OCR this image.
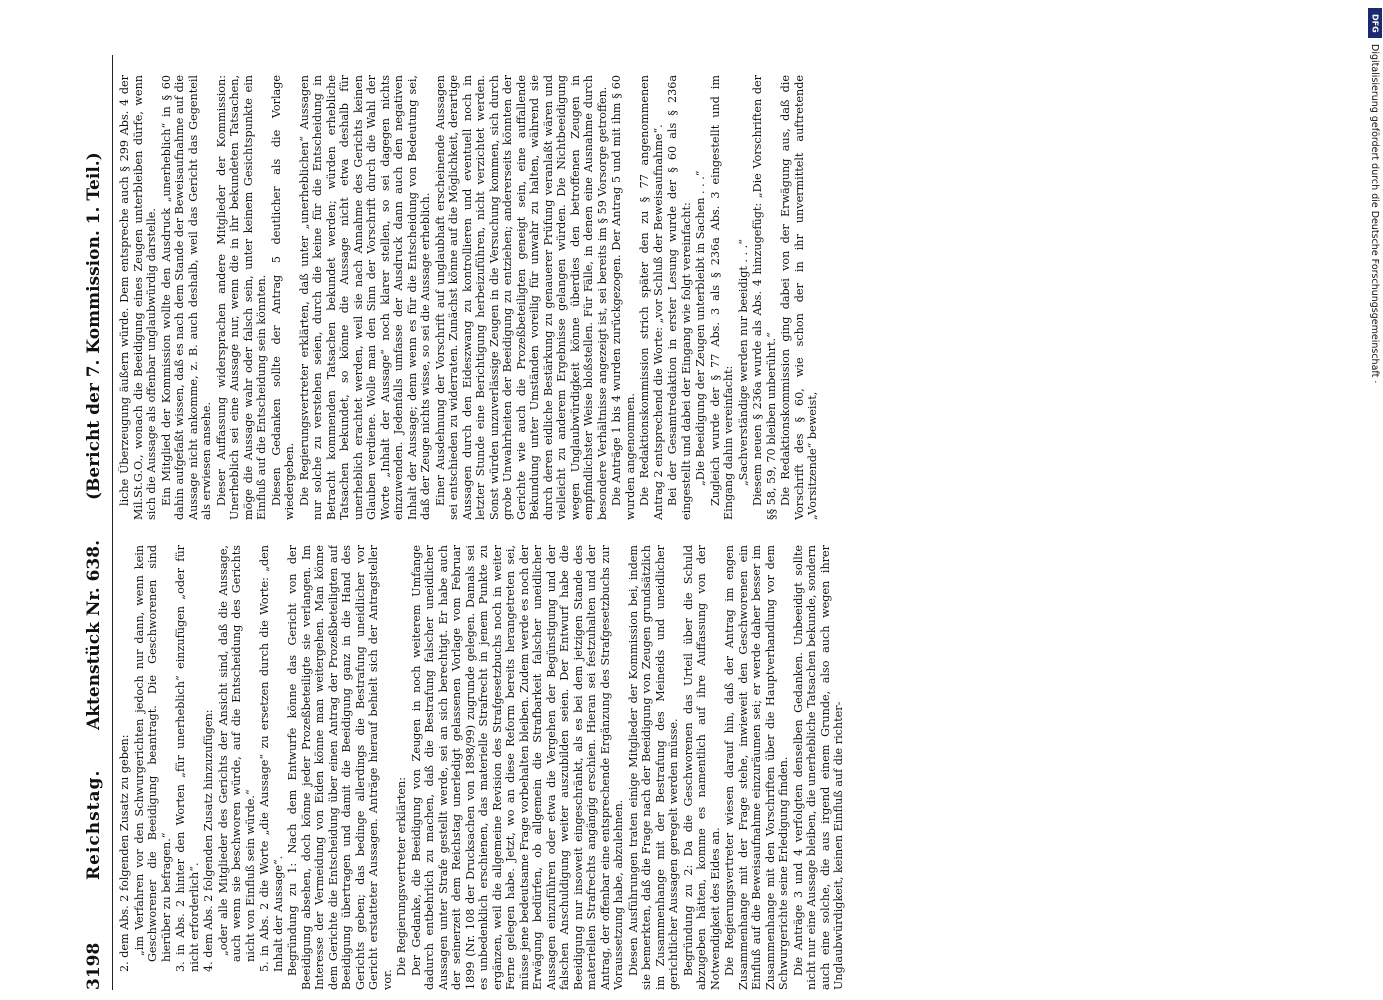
3198
Reichstag.
Aktenstück Nr. 638.
(Bericht der 7. Kommission. 1. Teil.)

2. dem Abs. 2 folgenden Zusatz zu geben: „im Verfahren vor den Schwurgerichten jedoch nur dann, wenn kein Geschworener die Beeidigung beantragt. Die Geschworenen sind hierüber zu befragen.“ 3. in Abs. 2 hinter den Worten „für unerheblich“ einzufügen „oder für nicht erforderlich“. 4. dem Abs. 2 folgenden Zusatz hinzuzufügen: „oder alle Mitglieder des Gerichts der Ansicht sind, daß die Aussage, auch wenn sie beschworen würde, auf die Entscheidung des Gerichts nicht von Einfluß sein würde.“ 5. in Abs. 2 die Worte „die Aussage“ zu ersetzen durch die Worte: „den Inhalt der Aussage“. Begründung zu 1: Nach dem Entwurfe könne das Gericht von der Beeidigung absehen, doch könne jeder Prozeßbeteiligte sie verlangen. Im Interesse der Vermeidung von Eiden könne man weitergehen. Man könne dem Gerichte die Entscheidung über einen Antrag der Prozeßbeteiligten auf Beeidigung übertragen und damit die Beeidigung ganz in die Hand des Gerichts geben; das bedinge allerdings die Bestrafung uneidlicher vor Gericht erstatteter Aussagen. Anträge hierauf behielt sich der Antragsteller vor.

Die Regierungsvertreter erklärten: Der Gedanke, die Beeidigung von Zeugen in noch weiterem Umfange dadurch entbehrlich zu machen, daß die Bestrafung falscher uneidlicher Aussagen unter Strafe gestellt werde, sei an sich berechtigt. Er habe auch der seinerzeit dem Reichstag unerledigt gelassenen Vorlage vom Februar 1899 (Nr. 108 der Drucksachen von 1898/99) zugrunde gelegen. Damals sei es unbedenklich erschienen, das materielle Strafrecht in jenem Punkte zu ergänzen, weil die allgemeine Revision des Strafgesetzbuchs noch in weiter Ferne gelegen habe. Jetzt, wo an diese Reform bereits herangetreten sei, müsse jene bedeutsame Frage vorbehalten bleiben. Zudem werde es noch der Erwägung bedürfen, ob allgemein die Strafbarkeit falscher uneidlicher Aussagen einzuführen oder etwa die Vergehen der Begünstigung und der falschen Anschuldigung weiter auszubilden seien. Der Entwurf habe die Beeidigung nur insoweit eingeschränkt, als es bei dem jetzigen Stande des materiellen Strafrechts angängig erschien. Hieran sei festzuhalten und der Antrag, der offenbar eine entsprechende Ergänzung des Strafgesetzbuchs zur Voraussetzung habe, abzulehnen. Diesen Ausführungen traten einige Mitglieder der Kommission bei, indem sie bemerkten, daß die Frage nach der Beeidigung von Zeugen grundsätzlich im Zusammenhange mit der Bestrafung des Meineids und uneidlicher gerichtlicher Aussagen geregelt werden müsse. Begründung zu 2: Da die Geschworenen das Urteil über die Schuld abzugeben hätten, komme es namentlich auf ihre Auffassung von der Notwendigkeit des Eides an. Die Regierungsvertreter wiesen darauf hin, daß der Antrag im engen Zusammenhange mit der Frage stehe, inwieweit den Geschworenen ein Einfluß auf die Beweisaufnahme einzuräumen sei; er werde daher besser im Zusammenhange mit den Vorschriften über die Hauptverhandlung vor dem Schwurgerichte seine Erledigung finden. Die Anträge 3 und 4 verfolgten denselben Gedanken. Unbeeidigt sollte nicht nur eine Aussage bleiben, die unerhebliche Tatsachen bekunde, sondern auch eine solche, die aus irgend einem Grunde, also auch wegen ihrer Unglaubwürdigkeit, keinen Einfluß auf die richter-

liche Überzeugung äußern würde. Dem entspreche auch § 299 Abs. 4 der Mil.St.G.O., wonach die Beeidigung eines Zeugen unterbleiben dürfe, wenn sich die Aussage als offenbar unglaubwürdig darstelle. Ein Mitglied der Kommission wollte den Ausdruck „unerheblich“ in § 60 dahin aufgefaßt wissen, daß es nach dem Stande der Beweisaufnahme auf die Aussage nicht ankomme, z. B. auch deshalb, weil das Gericht das Gegenteil als erwiesen ansehe. Dieser Auffassung widersprachen andere Mitglieder der Kommission: Unerheblich sei eine Aussage nur, wenn die in ihr bekundeten Tatsachen, möge die Aussage wahr oder falsch sein, unter keinem Gesichtspunkte ein Einfluß auf die Entscheidung sein könnten. Diesen Gedanken sollte der Antrag 5 deutlicher als die Vorlage wiedergeben. Die Regierungsvertreter erklärten, daß unter „unerheblichen“ Aussagen nur solche zu verstehen seien, durch die keine für die Entscheidung in Betracht kommenden Tatsachen bekundet werden; würden erhebliche Tatsachen bekundet, so könne die Aussage nicht etwa deshalb für unerheblich erachtet werden, weil sie nach Annahme des Gerichts keinen Glauben verdiene. Wolle man den Sinn der Vorschrift durch die Wahl der Worte „Inhalt der Aussage“ noch klarer stellen, so sei dagegen nichts einzuwenden. Jedenfalls umfasse der Ausdruck dann auch den negativen Inhalt der Aussage; denn wenn es für die Entscheidung von Bedeutung sei, daß der Zeuge nichts wisse, so sei die Aussage erheblich. Einer Ausdehnung der Vorschrift auf unglaubhaft erscheinende Aussagen sei entschieden zu widerraten. Zunächst könne auf die Möglichkeit, derartige Aussagen durch den Eideszwang zu kontrollieren und eventuell noch in letzter Stunde eine Berichtigung herbeizuführen, nicht verzichtet werden. Sonst würden unzuverlässige Zeugen in die Versuchung kommen, sich durch grobe Unwahrheiten der Beeidigung zu entziehen; andererseits könnten der Gerichte wie auch die Prozeßbeteiligten geneigt sein, eine auffallende Bekundung unter Umständen voreilig für unwahr zu halten, während sie durch deren eidliche Bestärkung zu genauerer Prüfung veranlaßt wären und vielleicht zu anderem Ergebnisse gelangen würden. Die Nichtbeeidigung wegen Unglaubwürdigkeit könne überdies den betroffenen Zeugen in empfindlichster Weise bloßstellen. Für Fälle, in denen eine Ausnahme durch besondere Verhältnisse angezeigt ist, sei bereits im § 59 Vorsorge getroffen. Die Anträge 1 bis 4 wurden zurückgezogen. Der Antrag 5 und mit ihm § 60 wurden angenommen. Die Redaktionskommission strich später den zu § 77 angenommenen Antrag 2 entsprechend die Worte: „vor Schluß der Beweisaufnahme“. Bei der Gesamtredaktion in erster Lesung wurde der § 60 als § 236a eingestellt und dabei der Eingang wie folgt vereinfacht: „Die Beeidigung der Zeugen unterbleibt in Sachen . . .“ Zugleich wurde der § 77 Abs. 3 als § 236a Abs. 3 eingestellt und im Eingang dahin vereinfacht: „Sachverständige werden nur beeidigt . . .“ Diesem neuen § 236a wurde als Abs. 4 hinzugefügt: „Die Vorschriften der §§ 58, 59, 70 bleiben unberührt.“ Die Redaktionskommission ging dabei von der Erwägung aus, daß die Vorschrift des § 60, wie schon der in ihr unvermittelt auftretende „Vorsitzende“ beweist,

DFG
Digitalisierung gefördert durch die Deutsche Forschungsgemeinschaft ·
